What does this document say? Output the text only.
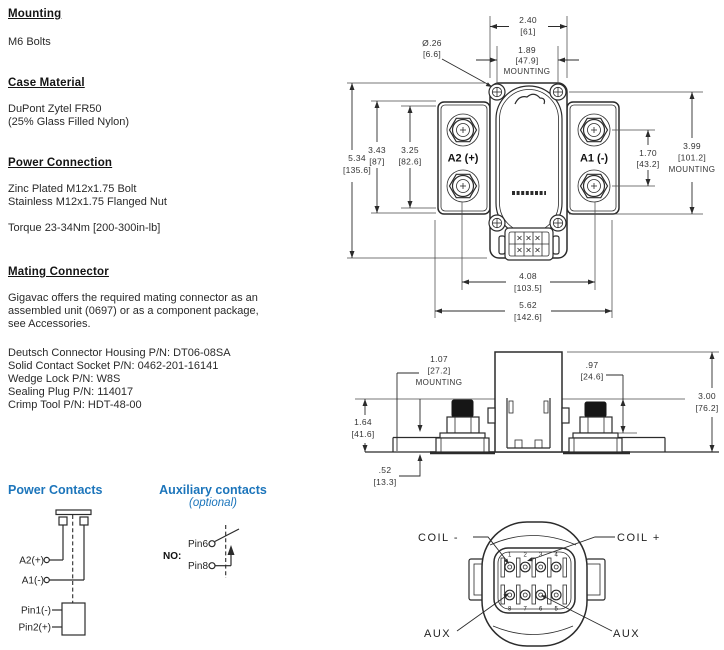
Mounting
M6 Bolts
Case Material
DuPont Zytel FR50
(25% Glass Filled Nylon)
Power Connection
Zinc Plated M12x1.75 Bolt
Stainless M12x1.75 Flanged Nut
Torque 23-34Nm [200-300in-lb]
Mating Connector
Gigavac offers the required mating connector as an
assembled unit (0697) or as a component package,
see Accessories.
Deutsch Connector Housing P/N: DT06-08SA
Solid Contact Socket P/N: 0462-201-16141
Wedge Lock P/N: W8S
Sealing Plug P/N: 114017
Crimp Tool P/N: HDT-48-00
Power Contacts	Auxiliary contacts
(optional)
A2(+)
A1(-)
Pin1(-)
Pin2(+)
NO:
Pin6
Pin8
A2 (+)	A1 (-)
2.40
[61]
1.89
[47.9]
MOUNTING
Ø.26
[6.6]
5.34
[135.6]
3.43
[87]
3.25
[82.6]
1.70
[43.2]
3.99
[101.2]
MOUNTING
4.08
[103.5]
5.62
[142.6]
1.07
[27.2]
MOUNTING
.97
[24.6]
3.00
[76.2]
1.64
[41.6]
.52
[13.3]
1 2 3 4
8 7 6 5
COIL -	COIL +
AUX	AUX
